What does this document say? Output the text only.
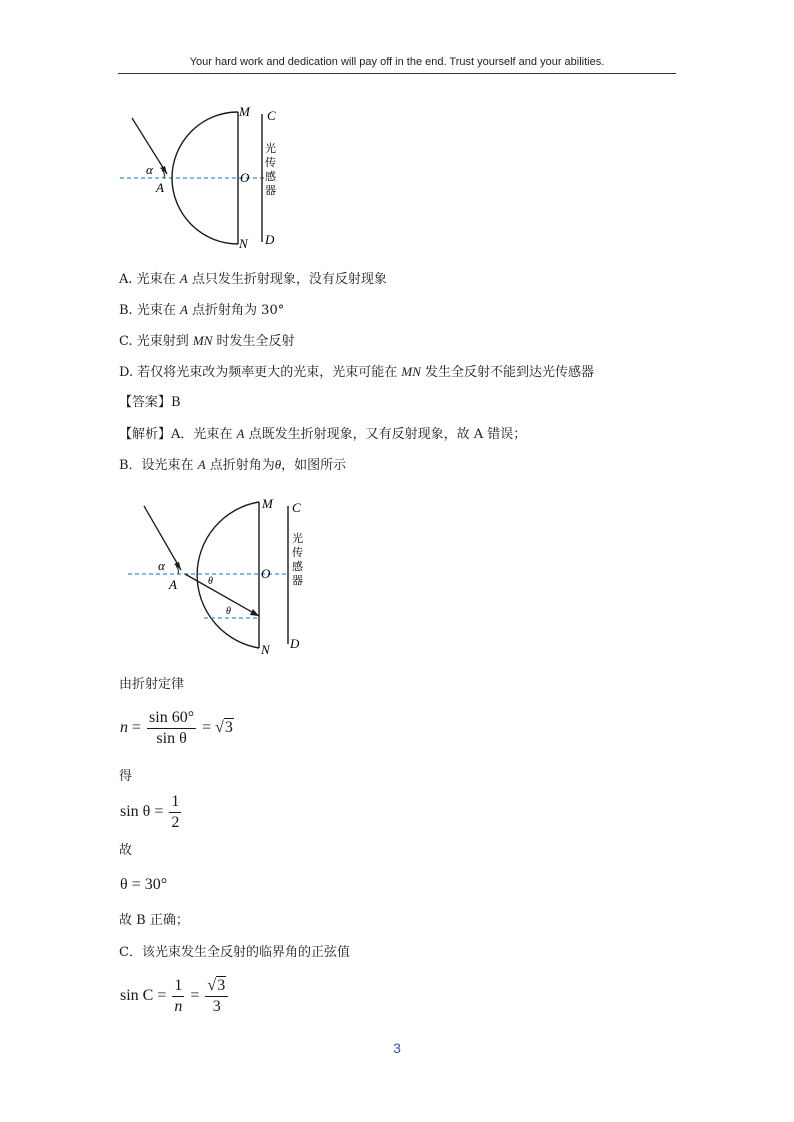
Your hard work and dedication will pay off in the end. Trust yourself and your abilities.
M C
O
N D
α
A
光
传
感
器
A. 光束在 A 点只发生折射现象，没有反射现象
B. 光束在 A 点折射角为 30°
C. 光束射到 MN 时发生全反射
D. 若仅将光束改为频率更大的光束，光束可能在 MN 发生全反射不能到达光传感器
【答案】B
【解析】A．光束在 A 点既发生折射现象，又有反射现象，故 A 错误；
B．设光束在 A 点折射角为θ，如图所示
M C
O
N D
α
A	θ
θ
光
传
感
器
由折射定律
$n = \frac{\sin 60^\circ}{\text{sin θ}} = √3$
得
$\sin \theta = \frac{1}{2}$
故
θ = 30°
故 B 正确；
C．该光束发生全反射的临界角的正弦值
$\sin C = \frac{1}{n} = \frac{√3}{3}$
3
